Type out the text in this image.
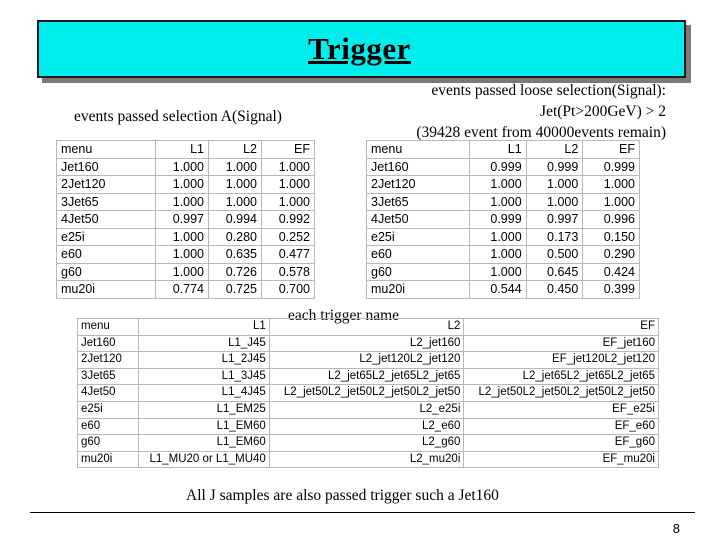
Trigger
events passed selection A(Signal)
events passed loose selection(Signal):
Jet(Pt>200GeV) > 2
(39428 event from 40000events remain)
menu	L1	L2	EF
Jet160	1.000	1.000	1.000
2Jet120	1.000	1.000	1.000
3Jet65	1.000	1.000	1.000
4Jet50	0.997	0.994	0.992
e25i	1.000	0.280	0.252
e60	1.000	0.635	0.477
g60	1.000	0.726	0.578
mu20i	0.774	0.725	0.700
menu	L1	L2	EF
Jet160	0.999	0.999	0.999
2Jet120	1.000	1.000	1.000
3Jet65	1.000	1.000	1.000
4Jet50	0.999	0.997	0.996
e25i	1.000	0.173	0.150
e60	1.000	0.500	0.290
g60	1.000	0.645	0.424
mu20i	0.544	0.450	0.399
each trigger name
menu	L1	L2	EF
Jet160	L1_J45	L2_jet160	EF_jet160
2Jet120	L1_2J45	L2_jet120L2_jet120	EF_jet120L2_jet120
3Jet65	L1_3J45	L2_jet65L2_jet65L2_jet65	L2_jet65L2_jet65L2_jet65
4Jet50	L1_4J45	L2_jet50L2_jet50L2_jet50L2_jet50	L2_jet50L2_jet50L2_jet50L2_jet50
e25i	L1_EM25	L2_e25i	EF_e25i
e60	L1_EM60	L2_e60	EF_e60
g60	L1_EM60	L2_g60	EF_g60
mu20i	L1_MU20 or L1_MU40	L2_mu20i	EF_mu20i
All J samples are also passed trigger such a Jet160
8
